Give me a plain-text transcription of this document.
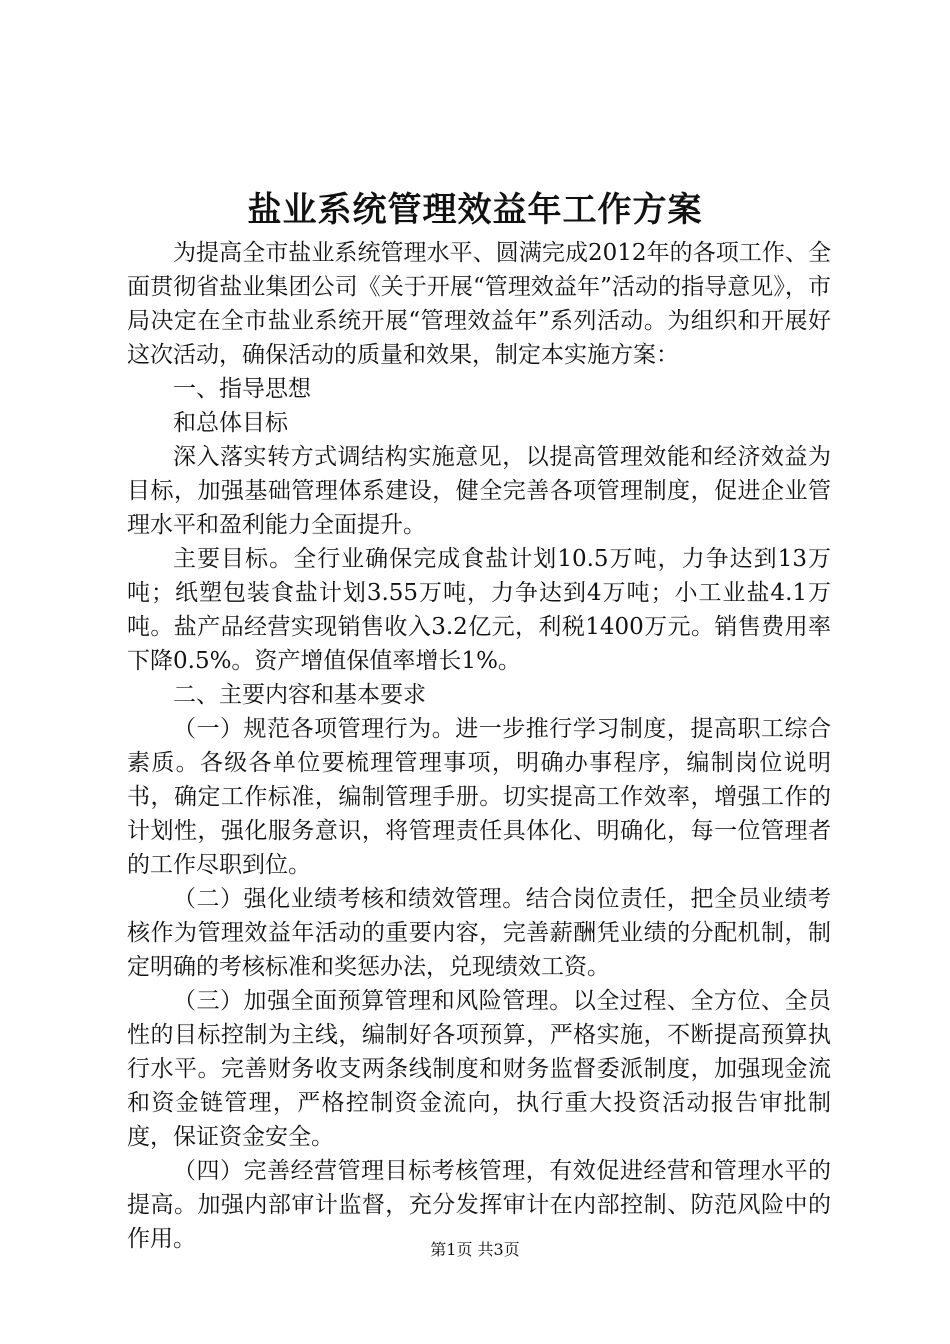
盐业系统管理效益年工作方案

为提高全市盐业系统管理水平、圆满完成2012年的各项工作、全面贯彻省盐业集团公司《关于开展“管理效益年”活动的指导意见》，市局决定在全市盐业系统开展“管理效益年”系列活动。为组织和开展好这次活动，确保活动的质量和效果，制定本实施方案：

一、指导思想

和总体目标

深入落实转方式调结构实施意见，以提高管理效能和经济效益为目标，加强基础管理体系建设，健全完善各项管理制度，促进企业管理水平和盈利能力全面提升。

主要目标。全行业确保完成食盐计划10.5万吨，力争达到13万吨；纸塑包装食盐计划3.55万吨，力争达到4万吨；小工业盐4.1万吨。盐产品经营实现销售收入3.2亿元，利税1400万元。销售费用率下降0.5%。资产增值保值率增长1%。

二、主要内容和基本要求

（一）规范各项管理行为。进一步推行学习制度，提高职工综合素质。各级各单位要梳理管理事项，明确办事程序，编制岗位说明书，确定工作标准，编制管理手册。切实提高工作效率，增强工作的计划性，强化服务意识，将管理责任具体化、明确化，每一位管理者的工作尽职到位。

（二）强化业绩考核和绩效管理。结合岗位责任，把全员业绩考核作为管理效益年活动的重要内容，完善薪酬凭业绩的分配机制，制定明确的考核标准和奖惩办法，兑现绩效工资。

（三）加强全面预算管理和风险管理。以全过程、全方位、全员性的目标控制为主线，编制好各项预算，严格实施，不断提高预算执行水平。完善财务收支两条线制度和财务监督委派制度，加强现金流和资金链管理，严格控制资金流向，执行重大投资活动报告审批制度，保证资金安全。

（四）完善经营管理目标考核管理，有效促进经营和管理水平的提高。加强内部审计监督，充分发挥审计在内部控制、防范风险中的作用。	第1页 共3页
